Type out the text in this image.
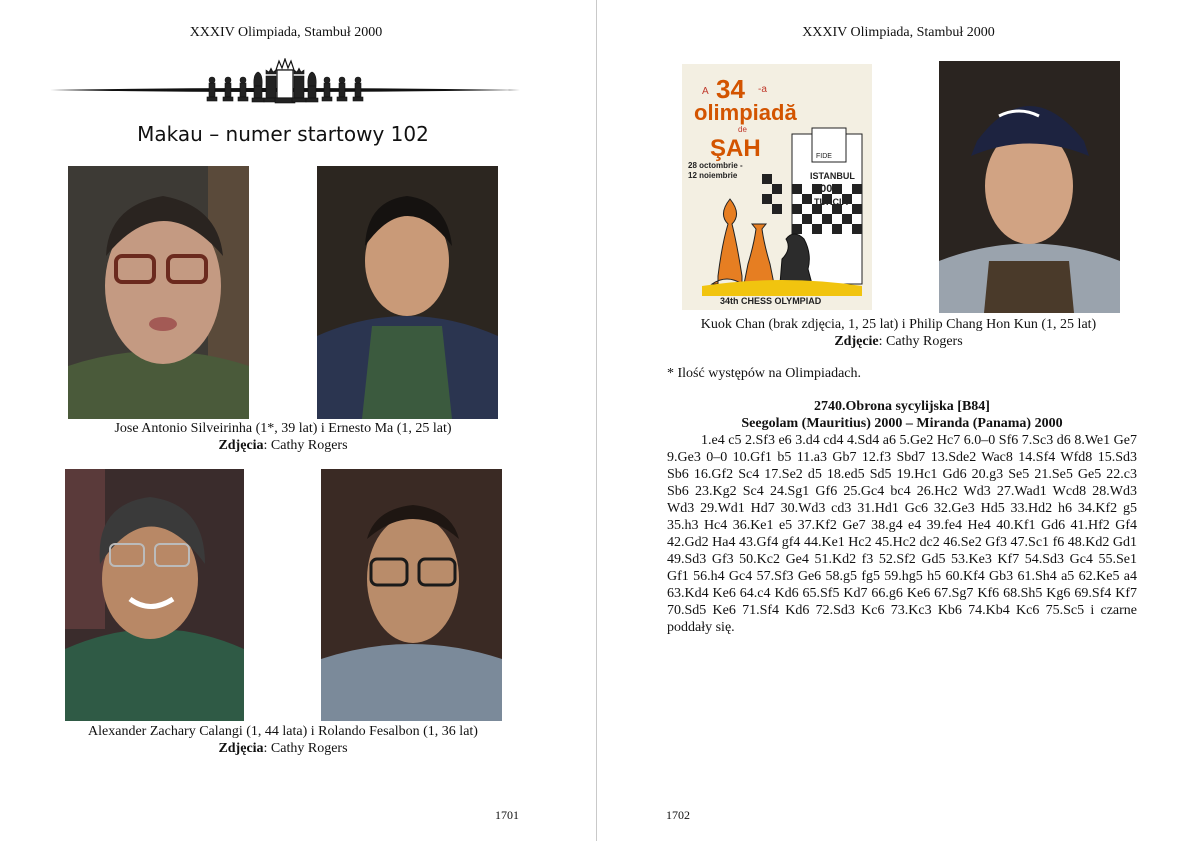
XXXIV Olimpiada, Stambuł 2000
Makau – numer startowy 102
Jose Antonio Silveirinha (1*, 39 lat) i Ernesto Ma (1, 25 lat)
Zdjęcia: Cathy Rogers
Alexander Zachary Calangi (1, 44 lata) i Rolando Fesalbon (1, 36 lat)
Zdjęcia: Cathy Rogers
1701
XXXIV Olimpiada, Stambuł 2000
A 34 -a
olimpiadă
de
ŞAH
28 octombrie -
12 noiembrie
FIDE
ISTANBUL
2000
TURCIA
34th CHESS OLYMPIAD
Kuok Chan (brak zdjęcia, 1, 25 lat) i Philip Chang Hon Kun (1, 25 lat)
Zdjęcie: Cathy Rogers
* Ilość występów na Olimpiadach.
2740.Obrona sycylijska [B84]
Seegolam (Mauritius) 2000 – Miranda (Panama) 2000
1.e4 c5 2.Sf3 e6 3.d4 cd4 4.Sd4 a6 5.Ge2 Hc7 6.0–0 Sf6 7.Sc3 d6 8.We1 Ge7 9.Ge3 0–0 10.Gf1 b5 11.a3 Gb7 12.f3 Sbd7 13.Sde2 Wac8 14.Sf4 Wfd8 15.Sd3 Sb6 16.Gf2 Sc4 17.Se2 d5 18.ed5 Sd5 19.Hc1 Gd6 20.g3 Se5 21.Se5 Ge5 22.c3 Sb6 23.Kg2 Sc4 24.Sg1 Gf6 25.Gc4 bc4 26.Hc2 Wd3 27.Wad1 Wcd8 28.Wd3 Wd3 29.Wd1 Hd7 30.Wd3 cd3 31.Hd1 Gc6 32.Ge3 Hd5 33.Hd2 h6 34.Kf2 g5 35.h3 Hc4 36.Ke1 e5 37.Kf2 Ge7 38.g4 e4 39.fe4 He4 40.Kf1 Gd6 41.Hf2 Gf4 42.Gd2 Ha4 43.Gf4 gf4 44.Ke1 Hc2 45.Hc2 dc2 46.Se2 Gf3 47.Sc1 f6 48.Kd2 Gd1 49.Sd3 Gf3 50.Kc2 Ge4 51.Kd2 f3 52.Sf2 Gd5 53.Ke3 Kf7 54.Sd3 Gc4 55.Se1 Gf1 56.h4 Gc4 57.Sf3 Ge6 58.g5 fg5 59.hg5 h5 60.Kf4 Gb3 61.Sh4 a5 62.Ke5 a4 63.Kd4 Ke6 64.c4 Kd6 65.Sf5 Kd7 66.g6 Ke6 67.Sg7 Kf6 68.Sh5 Kg6 69.Sf4 Kf7 70.Sd5 Ke6 71.Sf4 Kd6 72.Sd3 Kc6 73.Kc3 Kb6 74.Kb4 Kc6 75.Sc5 i czarne poddały się.
1702
